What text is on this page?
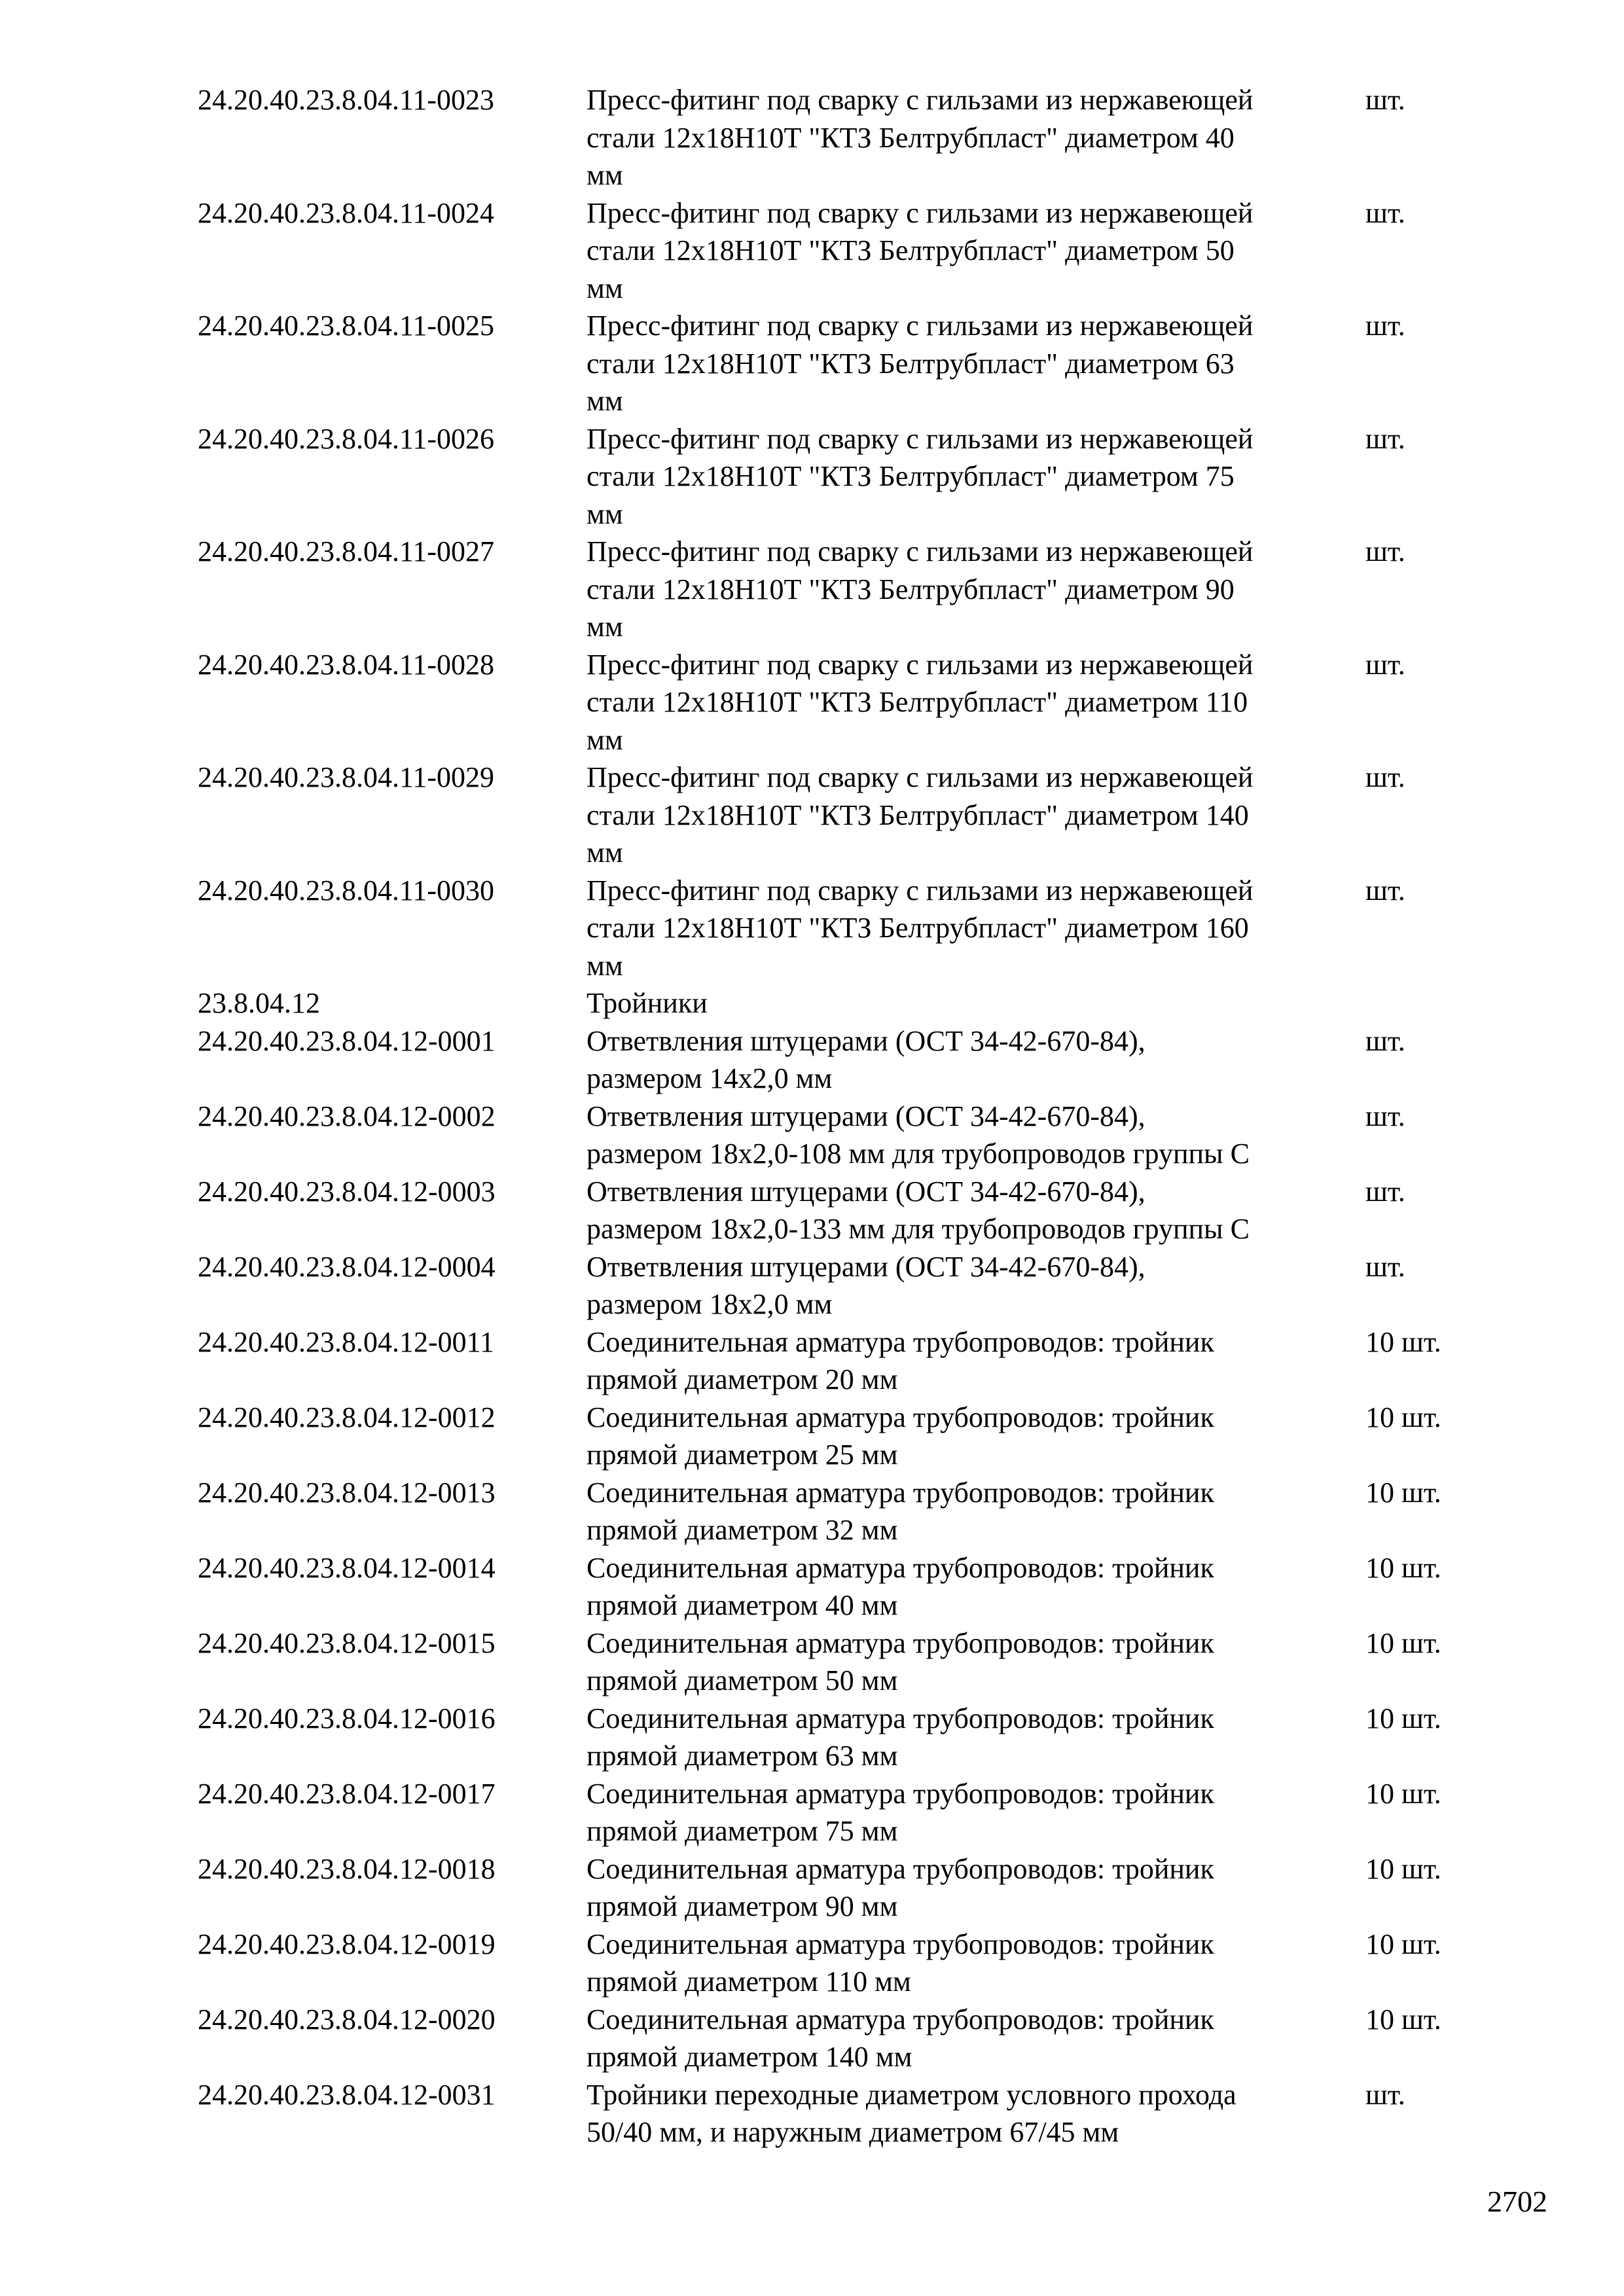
24.20.40.23.8.04.11-0023	Пресс-фитинг под сварку с гильзами из нержавеющей
стали 12х18Н10Т "КТЗ Белтрубпласт" диаметром 40
мм
шт.
24.20.40.23.8.04.11-0024	Пресс-фитинг под сварку с гильзами из нержавеющей
стали 12х18Н10Т "КТЗ Белтрубпласт" диаметром 50
мм
шт.
24.20.40.23.8.04.11-0025	Пресс-фитинг под сварку с гильзами из нержавеющей
стали 12х18Н10Т "КТЗ Белтрубпласт" диаметром 63
мм
шт.
24.20.40.23.8.04.11-0026	Пресс-фитинг под сварку с гильзами из нержавеющей
стали 12х18Н10Т "КТЗ Белтрубпласт" диаметром 75
мм
шт.
24.20.40.23.8.04.11-0027	Пресс-фитинг под сварку с гильзами из нержавеющей
стали 12х18Н10Т "КТЗ Белтрубпласт" диаметром 90
мм
шт.
24.20.40.23.8.04.11-0028	Пресс-фитинг под сварку с гильзами из нержавеющей
стали 12х18Н10Т "КТЗ Белтрубпласт" диаметром 110
мм
шт.
24.20.40.23.8.04.11-0029	Пресс-фитинг под сварку с гильзами из нержавеющей
стали 12х18Н10Т "КТЗ Белтрубпласт" диаметром 140
мм
шт.
24.20.40.23.8.04.11-0030	Пресс-фитинг под сварку с гильзами из нержавеющей
стали 12х18Н10Т "КТЗ Белтрубпласт" диаметром 160
мм
шт.
23.8.04.12	Тройники
24.20.40.23.8.04.12-0001	Ответвления штуцерами (ОСТ 34-42-670-84),
размером 14х2,0 мм
шт.
24.20.40.23.8.04.12-0002	Ответвления штуцерами (ОСТ 34-42-670-84),
размером 18х2,0-108 мм для трубопроводов группы С
шт.
24.20.40.23.8.04.12-0003	Ответвления штуцерами (ОСТ 34-42-670-84),
размером 18х2,0-133 мм для трубопроводов группы С
шт.
24.20.40.23.8.04.12-0004	Ответвления штуцерами (ОСТ 34-42-670-84),
размером 18х2,0 мм
шт.
24.20.40.23.8.04.12-0011	Соединительная арматура трубопроводов: тройник
прямой диаметром 20 мм
10 шт.
24.20.40.23.8.04.12-0012	Соединительная арматура трубопроводов: тройник
прямой диаметром 25 мм
10 шт.
24.20.40.23.8.04.12-0013	Соединительная арматура трубопроводов: тройник
прямой диаметром 32 мм
10 шт.
24.20.40.23.8.04.12-0014	Соединительная арматура трубопроводов: тройник
прямой диаметром 40 мм
10 шт.
24.20.40.23.8.04.12-0015	Соединительная арматура трубопроводов: тройник
прямой диаметром 50 мм
10 шт.
24.20.40.23.8.04.12-0016	Соединительная арматура трубопроводов: тройник
прямой диаметром 63 мм
10 шт.
24.20.40.23.8.04.12-0017	Соединительная арматура трубопроводов: тройник
прямой диаметром 75 мм
10 шт.
24.20.40.23.8.04.12-0018	Соединительная арматура трубопроводов: тройник
прямой диаметром 90 мм
10 шт.
24.20.40.23.8.04.12-0019	Соединительная арматура трубопроводов: тройник
прямой диаметром 110 мм
10 шт.
24.20.40.23.8.04.12-0020	Соединительная арматура трубопроводов: тройник
прямой диаметром 140 мм
10 шт.
24.20.40.23.8.04.12-0031	Тройники переходные диаметром условного прохода
50/40 мм, и наружным диаметром 67/45 мм
шт.
2702
